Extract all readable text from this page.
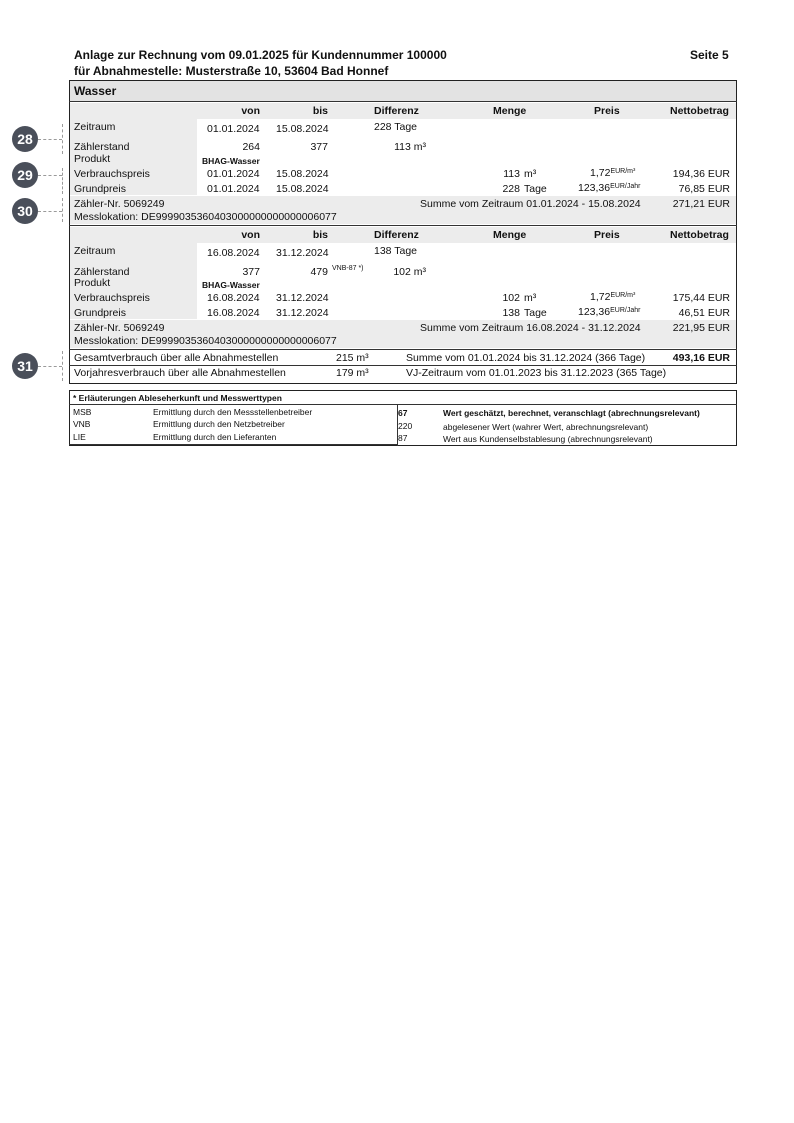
Anlage zur Rechnung vom 09.01.2025 für Kundennummer 100000
für Abnahmestelle: Musterstraße 10, 53604 Bad Honnef
Seite 5
Wasser
von	bis	Differenz	Menge	Preis	Nettobetrag
Zeitraum	01.01.2024 15.08.2024	228 Tage
Zählerstand	264	377	113 m³
Produkt	BHAG-Wasser
Verbrauchspreis	01.01.2024 15.08.2024	113 m³	$1,72^{EUR/m^3}$	194,36 EUR
Grundpreis	01.01.2024 15.08.2024	228 Tage	$123,36^{EUR/Jahr}$	76,85 EUR
Zähler-Nr. 5069249	Summe vom Zeitraum 01.01.2024 - 15.08.2024	271,21 EUR
Messlokation: DE9999035360403000000000000006077
von	bis	Differenz	Menge	Preis	Nettobetrag
Zeitraum	16.08.2024 31.12.2024	138 Tage
Zählerstand	377	479 VNB-87 *)	102 m³
Produkt	BHAG-Wasser
Verbrauchspreis	16.08.2024 31.12.2024	102 m³	$1,72^{EUR/m^3}$	175,44 EUR
Grundpreis	16.08.2024 31.12.2024	138 Tage	$123,36^{EUR/Jahr}$	46,51 EUR
Zähler-Nr. 5069249	Summe vom Zeitraum 16.08.2024 - 31.12.2024	221,95 EUR
Messlokation: DE9999035360403000000000000006077
Gesamtverbrauch über alle Abnahmestellen	215 m³	Summe vom 01.01.2024 bis 31.12.2024 (366 Tage)	493,16 EUR
Vorjahresverbrauch über alle Abnahmestellen	179 m³	VJ-Zeitraum vom 01.01.2023 bis 31.12.2023 (365 Tage)
28
29
30
31
* Erläuterungen Ableseherkunft und Messwerttypen
MSB	Ermittlung durch den Messstellenbetreiber
VNB	Ermittlung durch den Netzbetreiber
LIE	Ermittlung durch den Lieferanten
67	Wert geschätzt, berechnet, veranschlagt (abrechnungsrelevant)
220	abgelesener Wert (wahrer Wert, abrechnungsrelevant)
87	Wert aus Kundenselbstablesung (abrechnungsrelevant)
